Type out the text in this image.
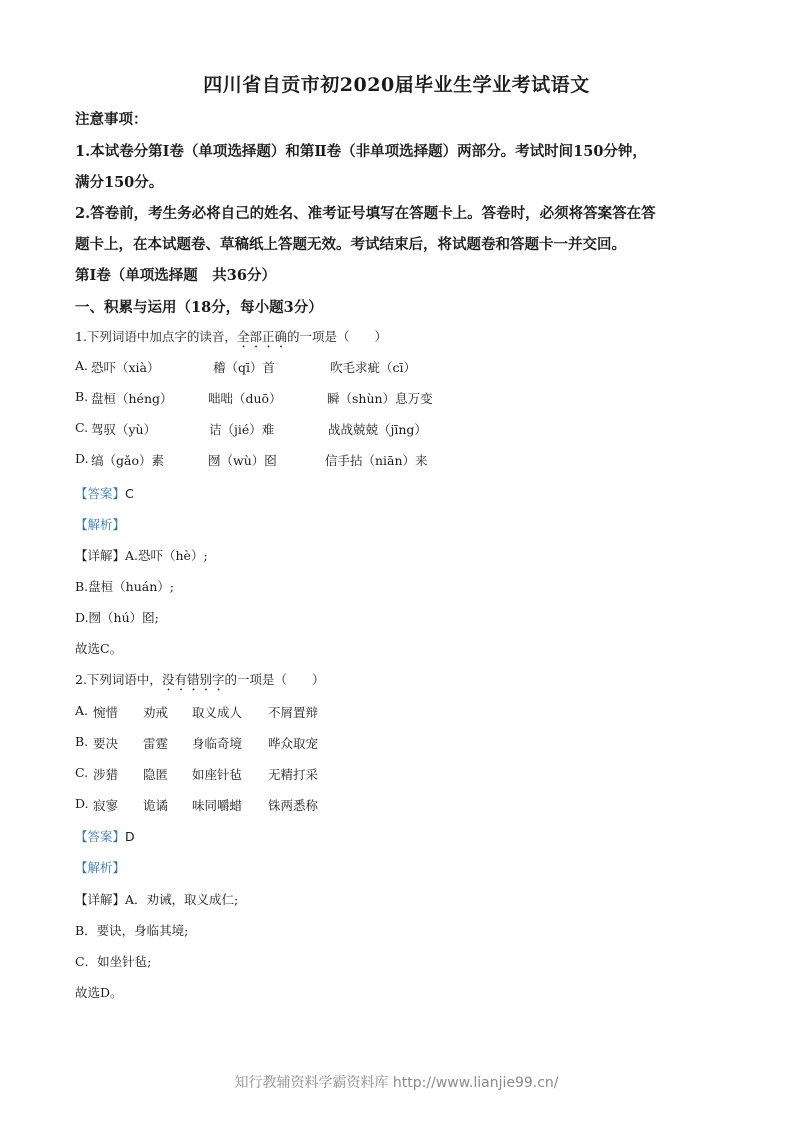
四川省自贡市初2020届毕业生学业考试语文
注意事项：
1.本试卷分第Ⅰ卷（单项选择题）和第Ⅱ卷（非单项选择题）两部分。考试时间150分钟，
满分150分。
2.答卷前，考生务必将自己的姓名、准考证号填写在答题卡上。答卷时，必须将答案答在答
题卡上，在本试题卷、草稿纸上答题无效。考试结束后，将试题卷和答题卡一并交回。
第Ⅰ卷（单项选择题　共36分）
一、积累与运用（18分，每小题3分）
1.下列词语中加点字的读音，全部正确的一项是（　　）
A. 恐吓（xià）	稽（qī）首	吹毛求疵（cī）
B. 盘桓（héng）	咄咄（duō）	瞬（shùn）息万变
C. 驾驭（yù）	诘（jié）难	战战兢兢（jīng）
D. 缟（gǎo）素	囫（wù）囵	信手拈（niān）来
【答案】C
【解析】
【详解】A.恐吓（hè）;
B.盘桓（huán）;
D.囫（hú）囵;
故选C。
2.下列词语中，没有错别字的一项是（　　）
A. 惋惜 劝戒 取义成人 不屑置辩
B. 要决 雷霆 身临奇境 哗众取宠
C. 涉猎 隐匿 如座针毡 无精打采
D. 寂寥 诡谲 味同嚼蜡 铢两悉称
【答案】D
【解析】
【详解】A．劝诫，取义成仁;
B．要诀，身临其境;
C．如坐针毡;
故选D。
知行教辅资料学霸资料库 http://www.lianjie99.cn/
